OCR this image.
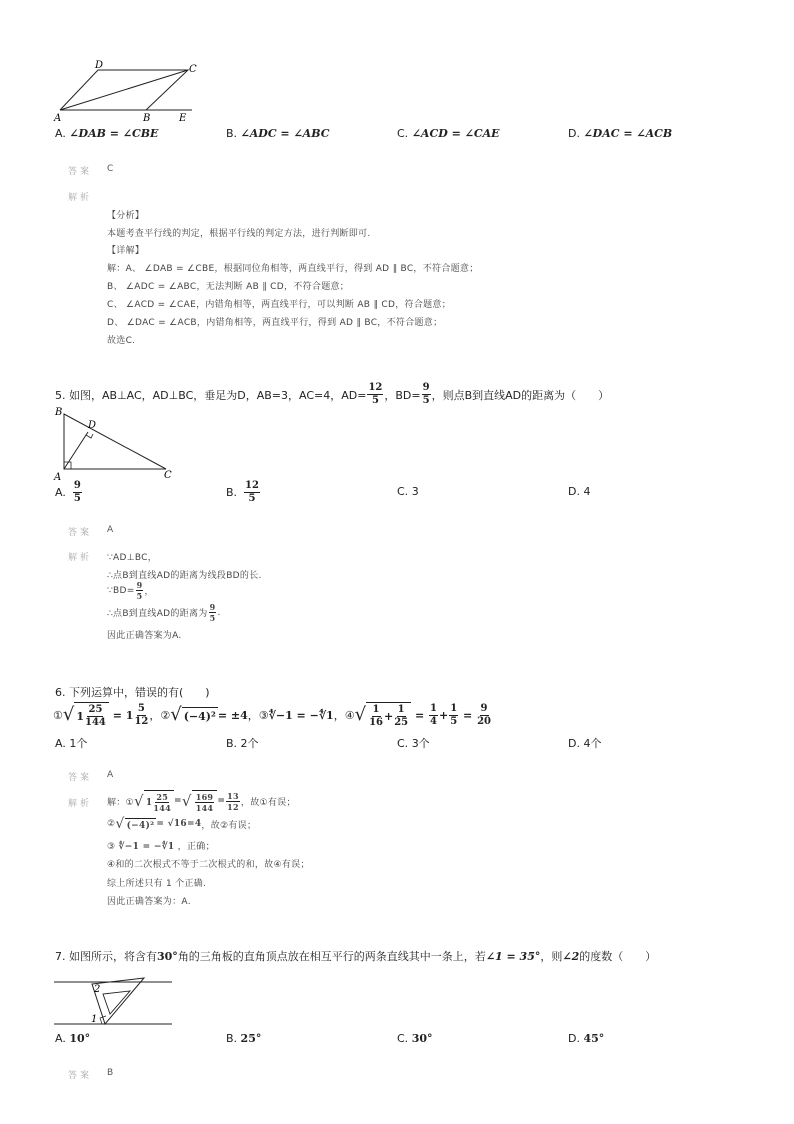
D	C
A	B	E
A. ∠DAB = ∠CBE	B. ∠ADC = ∠ABC	C. ∠ACD = ∠CAE	D. ∠DAC = ∠ACB
答案 C
解析
【分析】
本题考查平行线的判定，根据平行线的判定方法，进行判断即可.
【详解】
解：A、 ∠DAB = ∠CBE，根据同位角相等，两直线平行，得到 AD ∥ BC，不符合题意；
B、 ∠ADC = ∠ABC，无法判断 AB ∥ CD，不符合题意；
C、 ∠ACD = ∠CAE，内错角相等，两直线平行，可以判断 AB ∥ CD，符合题意；
D、 ∠DAC = ∠ACB，内错角相等，两直线平行，得到 AD ∥ BC，不符合题意；
故选C.
5. 如图，AB⊥AC，AD⊥BC，垂足为D，AB=3，AC=4，$AD= \frac{12}{5}$ ，$BD= \frac{9}{5}$ ，则点B到直线AD的距离为（　　）
B
D
A	C
A. $\frac{9}{5}$	B. $\frac{12}{5}$	C. 3	D. 4
答案 A
解析 ∵AD⊥BC，
∴点B到直线AD的距离为线段BD的长.
∵BD= $\frac{9}{5}$ ，
∴点B到直线AD的距离为 $\frac{9}{5}$ .
因此正确答案为A.
6. 下列运算中，错误的有(　　)
① √ $1 \frac{25}{144} = 1 \frac{5}{12}$ ， ② √ (−4)² = ±4 ， ③ ∜−1 = −∜1 ， ④ √ $\frac{1}{16} + \frac{1}{25} = \frac{1}{4} + \frac{1}{5} = \frac{9}{20}$
A. 1个	B. 2个	C. 3个	D. 4个
答案 A
解析 解：① √ $1 \frac{25}{144}$ = √ $\frac{169}{144} = \frac{13}{12}$ ，故①有误；
② √ (−4)² = √16=4 ，故②有误；
③ ∜−1 = −∜1 ，正确；
④和的二次根式不等于二次根式的和，故④有误；
综上所述只有 1 个正确.
因此正确答案为：A.
7. 如图所示，将含有30°角的三角板的直角顶点放在相互平行的两条直线其中一条上，若∠1 = 35°，则∠2的度数（　　）
2
1
A. 10°	B. 25°	C. 30°	D. 45°
答案 B
